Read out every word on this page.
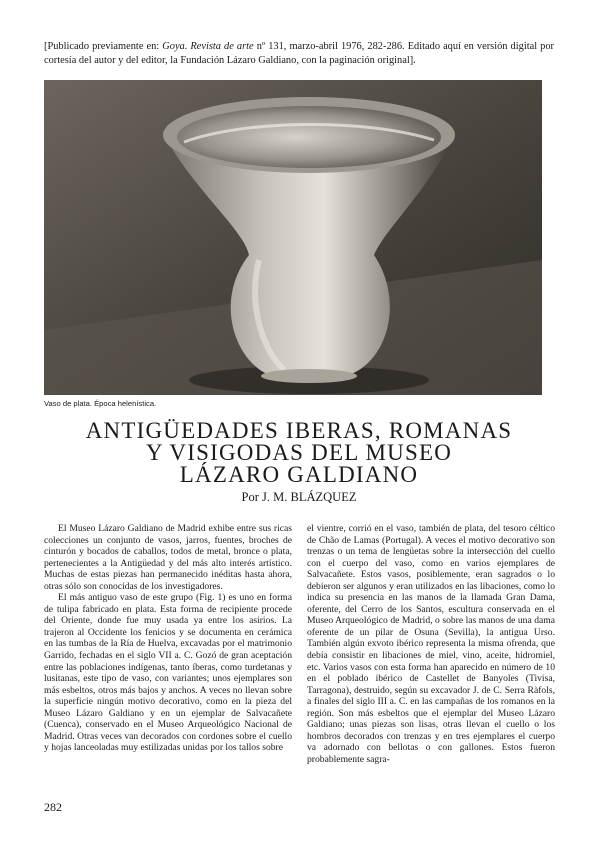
[Publicado previamente en: Goya. Revista de arte nº 131, marzo-abril 1976, 282-286. Editado aquí en versión digital por cortesía del autor y del editor, la Fundación Lázaro Galdiano, con la paginación original].
Vaso de plata. Época helenística.
ANTIGÜEDADES IBERAS, ROMANAS
Y VISIGODAS DEL MUSEO
LÁZARO GALDIANO
Por J. M. BLÁZQUEZ

El Museo Lázaro Galdiano de Madrid exhibe entre sus ricas colecciones un conjunto de vasos, jarros, fuentes, broches de cinturón y bocados de caballos, todos de metal, bronce o plata, pertenecientes a la Antigüedad y del más alto interés artístico. Muchas de estas piezas han permanecido inéditas hasta ahora, otras sólo son conocidas de los investigadores.

El más antiguo vaso de este grupo (Fig. 1) es uno en forma de tulipa fabricado en plata. Esta forma de recipiente procede del Oriente, donde fue muy usada ya entre los asirios. La trajeron al Occidente los fenicios y se documenta en cerámica en las tumbas de la Ría de Huelva, excavadas por el matrimonio Garrido, fechadas en el siglo VII a. C. Gozó de gran aceptación entre las poblaciones indígenas, tanto íberas, como turdetanas y lusitanas, este tipo de vaso, con variantes; unos ejemplares son más esbeltos, otros más bajos y anchos. A veces no llevan sobre la superficie ningún motivo decorativo, como en la pieza del Museo Lázaro Galdiano y en un ejemplar de Salvacañete (Cuenca), conservado en el Museo Arqueológico Nacional de Madrid. Otras veces van decorados con cordones sobre el cuello y hojas lanceoladas muy estilizadas unidas por los tallos sobre

el vientre, corrió en el vaso, también de plata, del tesoro céltico de Chão de Lamas (Portugal). A veces el motivo decorativo son trenzas o un tema de lengüetas sobre la intersección del cuello con el cuerpo del vaso, como en varios ejemplares de Salvacañete. Estos vasos, posiblemente, eran sagrados o lo debieron ser algunos y eran utilizados en las libaciones, como lo indica su presencia en las manos de la llamada Gran Dama, oferente, del Cerro de los Santos, escultura conservada en el Museo Arqueológico de Madrid, o sobre las manos de una dama oferente de un pilar de Osuna (Sevilla), la antigua Urso. También algún exvoto ibérico representa la misma ofrenda, que debía consistir en libaciones de miel, vino, aceite, hidromiel, etc. Varios vasos con esta forma han aparecido en número de 10 en el poblado ibérico de Castellet de Banyoles (Tivisa, Tarragona), destruido, según su excavador J. de C. Serra Ràfols, a finales del siglo III a. C. en las campañas de los romanos en la región. Son más esbeltos que el ejemplar del Museo Lázaro Galdiano; unas piezas son lisas, otras llevan el cuello o los hombros decorados con trenzas y en tres ejemplares el cuerpo va adornado con bellotas o con gallones. Estos fueron probablemente sagra-

282
